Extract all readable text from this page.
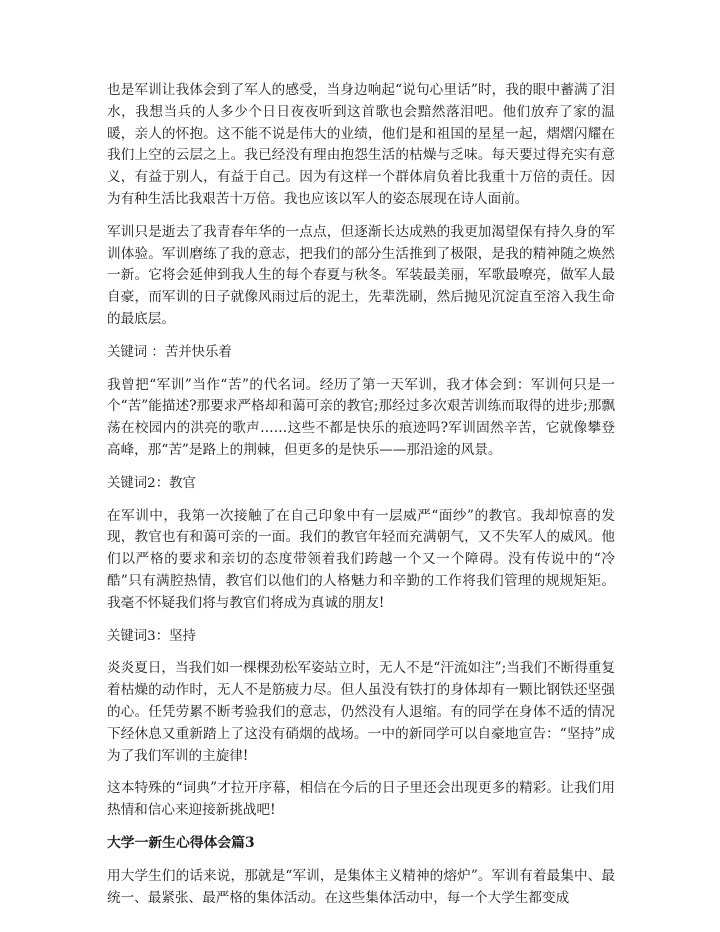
也是军训让我体会到了军人的感受，当身边响起“说句心里话”时，我的眼中蓄满了泪水，我想当兵的人多少个日日夜夜听到这首歌也会黯然落泪吧。他们放弃了家的温暖，亲人的怀抱。这不能不说是伟大的业绩，他们是和祖国的星星一起，熠熠闪耀在我们上空的云层之上。我已经没有理由抱怨生活的枯燥与乏味。每天要过得充实有意义，有益于别人，有益于自己。因为有这样一个群体肩负着比我重十万倍的责任。因为有种生活比我艰苦十万倍。我也应该以军人的姿态展现在诗人面前。

军训只是逝去了我青春年华的一点点，但逐渐长达成熟的我更加渴望保有持久身的军训体验。军训磨练了我的意志，把我们的部分生活推到了极限，是我的精神随之焕然一新。它将会延伸到我人生的每个春夏与秋冬。军装最美丽，军歌最嘹亮，做军人最自豪，而军训的日子就像风雨过后的泥土，先辈洗刷，然后抛见沉淀直至溶入我生命的最底层。

关键词 ：苦并快乐着

我曾把“军训”当作“苦”的代名词。经历了第一天军训，我才体会到：军训何只是一个“苦”能描述?那要求严格却和蔼可亲的教官;那经过多次艰苦训练而取得的进步;那飘荡在校园内的洪亮的歌声……这些不都是快乐的痕迹吗?军训固然辛苦，它就像攀登高峰，那“苦”是路上的荆棘，但更多的是快乐——那沿途的风景。

关键词2：教官

在军训中，我第一次接触了在自己印象中有一层威严“面纱”的教官。我却惊喜的发现，教官也有和蔼可亲的一面。我们的教官年轻而充满朝气，又不失军人的威风。他们以严格的要求和亲切的态度带领着我们跨越一个又一个障碍。没有传说中的“冷酷”只有满腔热情，教官们以他们的人格魅力和辛勤的工作将我们管理的规规矩矩。我毫不怀疑我们将与教官们将成为真诚的朋友!

关键词3：坚持

炎炎夏日，当我们如一棵棵劲松军姿站立时，无人不是“汗流如注”;当我们不断得重复着枯燥的动作时，无人不是筋疲力尽。但人虽没有铁打的身体却有一颗比钢铁还坚强的心。任凭劳累不断考验我们的意志，仍然没有人退缩。有的同学在身体不适的情况下经休息又重新踏上了这没有硝烟的战场。一中的新同学可以自豪地宣告：“坚持”成为了我们军训的主旋律!

这本特殊的“词典”才拉开序幕，相信在今后的日子里还会出现更多的精彩。让我们用热情和信心来迎接新挑战吧!

大学一新生心得体会篇3

用大学生们的话来说，那就是“军训，是集体主义精神的熔炉”。军训有着最集中、最统一、最紧张、最严格的集体活动。在这些集体活动中，每一个大学生都变成
